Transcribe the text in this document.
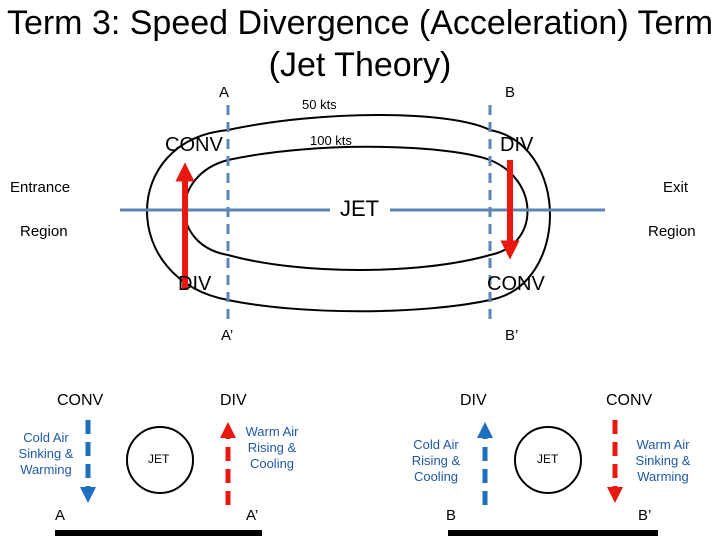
Term 3: Speed Divergence (Acceleration) Term
(Jet Theory)
A	B
50 kts
100 kts
CONV	DIV
Entrance	Exit
JET
Region	Region
DIV	CONV
A’	B’
CONV	DIV
Cold Air
Sinking &
Warming
JET
Warm Air
Rising &
Cooling
A	A’
DIV	CONV
Cold Air
Rising &
Cooling
JET
Warm Air
Sinking &
Warming
B	B’
